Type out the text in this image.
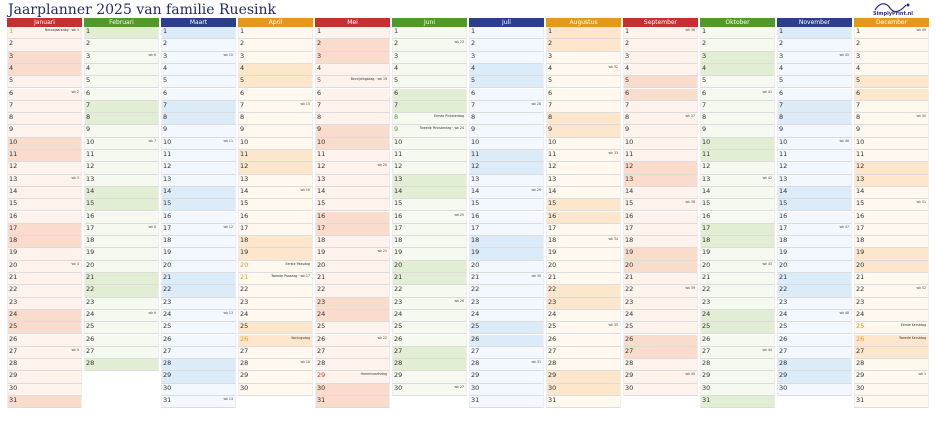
Jaarplanner 2025 van familie Ruesink	SimplyPrint.nl
Januari
1	Nieuwjaarsdag · wk 1
2
3
4
5
6	wk 2
7
8
9
10
11
12
13	wk 3
14
15
16
17
18
19
20	wk 4
21
22
23
24
25
26
27	wk 5
28
29
30
31
Februari
1
2
3	wk 6
4
5
6
7
8
9
10	wk 7
11
12
13
14
15
16
17	wk 8
18
19
20
21
22
23
24	wk 9
25
26
27
28
Maart
1
2
3	wk 10
4
5
6
7
8
9
10	wk 11
11
12
13
14
15
16
17	wk 12
18
19
20
21
22
23
24	wk 13
25
26
27
28
29
30
31	wk 14
April
1
2
3
4
5
6
7	wk 15
8
9
10
11
12
13
14	wk 16
15
16
17
18
19
20	Eerste Paasdag
21	Tweede Paasdag · wk 17
22
23
24
25
26	Koningsdag
27
28	wk 18
29
30
Mei
1
2
3
4
5	Bevrijdingsdag · wk 19
6
7
8
9
10
11
12	wk 20
13
14
15
16
17
18
19	wk 21
20
21
22
23
24
25
26	wk 22
27
28
29	Hemelvaartsdag
30
31
Juni
1
2	wk 23
3
4
5
6
7
8	Eerste Pinksterdag
9	Tweede Pinksterdag · wk 24
10
11
12
13
14
15
16	wk 25
17
18
19
20
21
22
23	wk 26
24
25
26
27
28
29
30	wk 27
Juli
1
2
3
4
5
6
7	wk 28
8
9
10
11
12
13
14	wk 29
15
16
17
18
19
20
21	wk 30
22
23
24
25
26
27
28	wk 31
29
30
31
Augustus
1
2
3
4	wk 32
5
6
7
8
9
10
11	wk 33
12
13
14
15
16
17
18	wk 34
19
20
21
22
23
24
25	wk 35
26
27
28
29
30
31
September
1	wk 36
2
3
4
5
6
7
8	wk 37
9
10
11
12
13
14
15	wk 38
16
17
18
19
20
21
22	wk 39
23
24
25
26
27
28
29	wk 40
30
Oktober
1
2
3
4
5
6	wk 41
7
8
9
10
11
12
13	wk 42
14
15
16
17
18
19
20	wk 43
21
22
23
24
25
26
27	wk 44
28
29
30
31
November
1
2
3	wk 45
4
5
6
7
8
9
10	wk 46
11
12
13
14
15
16
17	wk 47
18
19
20
21
22
23
24	wk 48
25
26
27
28
29
30
December
1	wk 49
2
3
4
5
6
7
8	wk 50
9
10
11
12
13
14
15	wk 51
16
17
18
19
20
21
22	wk 52
23
24
25	Eerste Kerstdag
26	Tweede Kerstdag
27
28
29	wk 1
30
31
